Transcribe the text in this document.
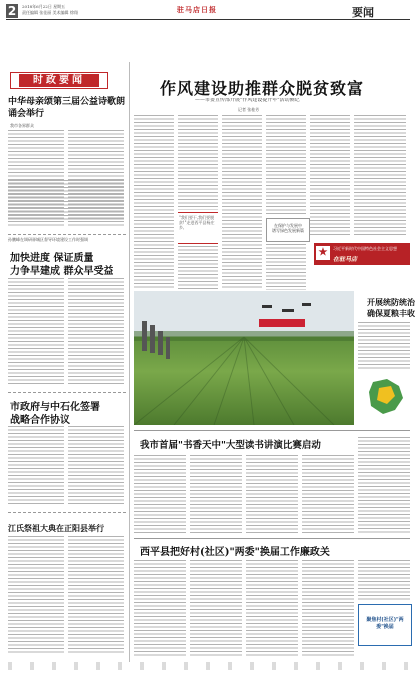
2	2018年6月22日 星期五
责任编辑 张佳丽 美术编辑 徐翔	驻马店日报	要闻
时政要闻
中华母亲颂第三届公益诗歌朗诵会举行
我市各界群众
孙鹏峰在调研驿城区督导环境建设工作时强调
加快进度 保证质量
力争早建成 群众早受益
市政府与中石化签署
战略合作协议
江氏祭祖大典在正阳县举行
作风建设助推群众脱贫致富
——市委宣传部开展"作风建设提升年"活动侧记
记者 张桂芳
"我们要干,我们要脱贫!"走进西平县杨庄乡,	在保护与发展中
谱写绿色发展新篇
★	习近平新时代中国特色社会主义思想
在驻马店
开展统防统治
确保夏粮丰收
我市首届"书香天中"大型读书讲演比赛启动
西平县把好村(社区)"两委"换届工作廉政关
聚焦村(社区)"两委"换届
